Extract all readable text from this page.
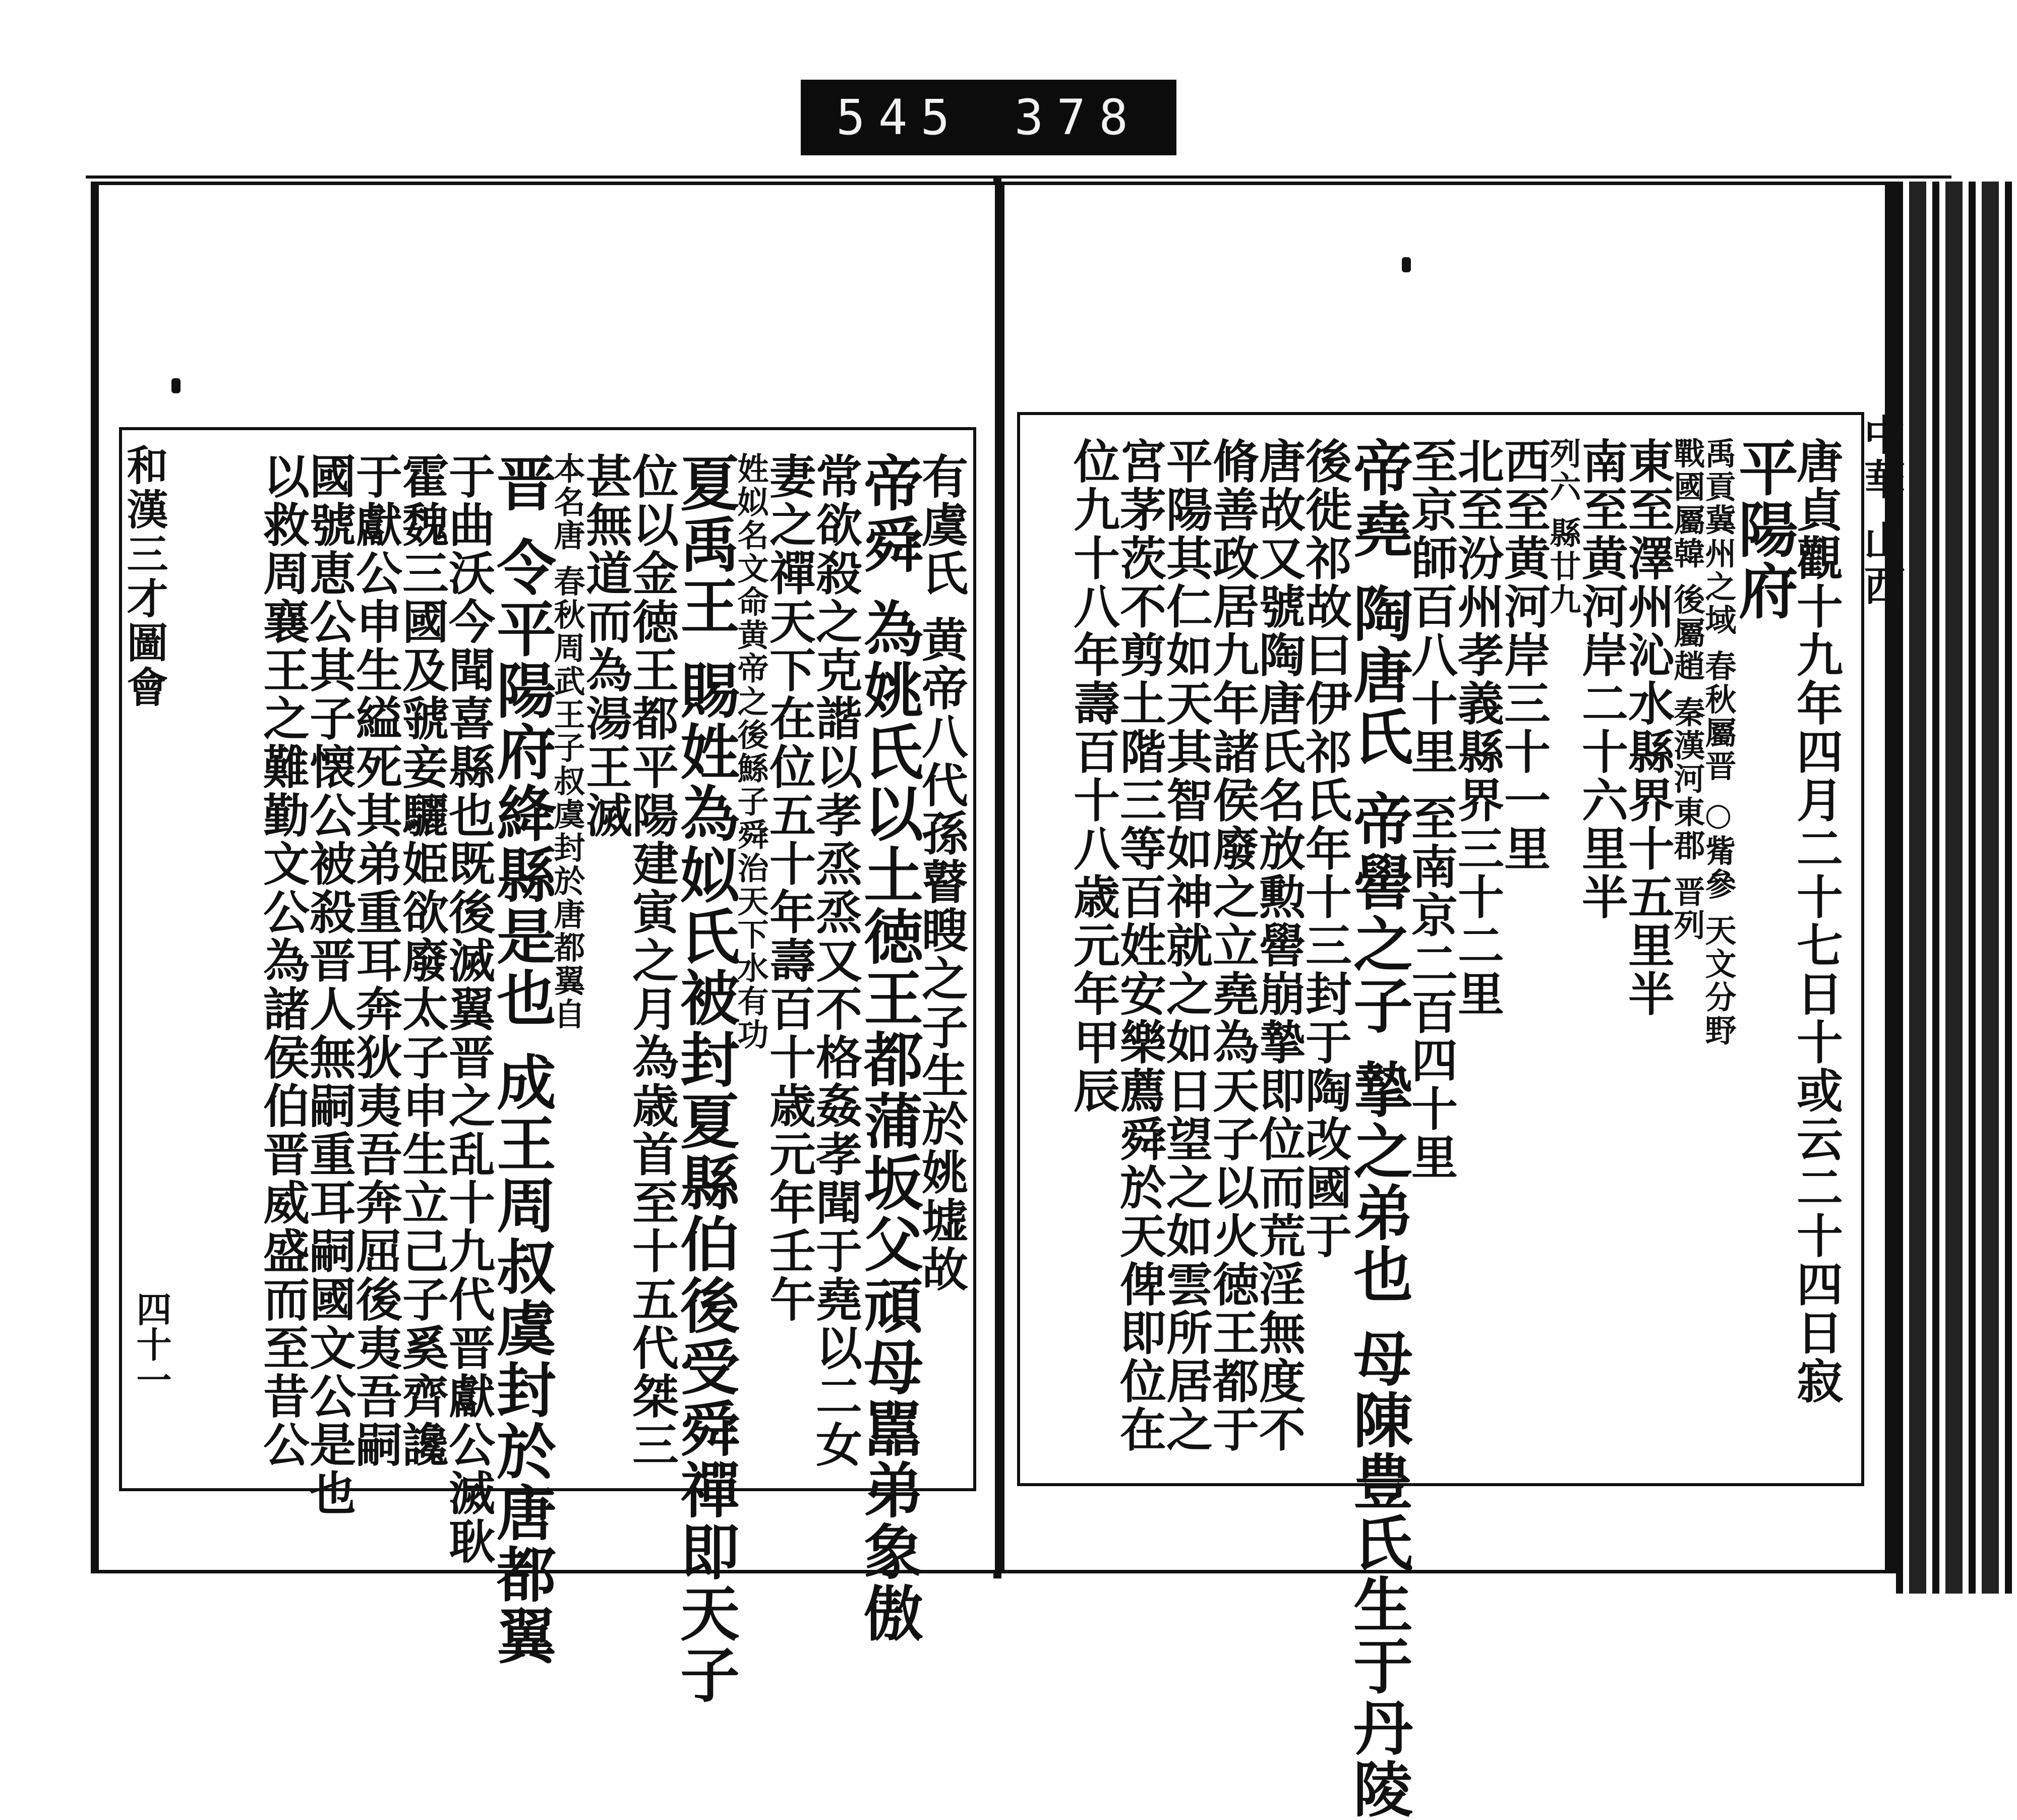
545 378
有虞氏 黄帝八代孫瞽瞍之子生於姚墟故
帝舜 為姚氏以土徳王都蒲坂父頑母嚚弟象傲
常欲殺之克諧以孝烝烝又不格姦孝聞于堯以二女
妻之禪天下在位五十年壽百十歳元年壬午
姓姒名文命黄帝之後鯀子舜治天下水有功
夏禹王 賜姓為姒氏被封夏縣伯後受舜禪即天子
位以金徳王都平陽建寅之月為歳首至十五代桀三
甚無道而為湯王滅
本名唐 春秋周武王子叔虞封於唐都翼自
晋 令平陽府絳縣是也 成王周叔虞封於唐都翼
于曲沃今聞喜縣也既後滅翼晋之乱十九代晋獻公滅耿
霍魏三國及虢妾驪姫欲廢太子申生立己子奚齊讒
于獻公申生縊死其弟重耳奔狄夷吾奔屈後夷吾嗣
國號恵公其子懐公被殺晋人無嗣重耳嗣國文公是也
以救周襄王之難勤文公為諸侯伯晋威盛而至昔公
和漢三才圖會
四十一	唐貞觀十九年四月二十七日十或云二十四日寂
平陽府
禹貢冀州之域 春秋屬晋 ○觜參 天文分野
戰國屬韓 後屬趙 秦漢河東郡 晋列
東至澤州沁水縣界十五里半
南至黄河岸二十六里半
列六 縣廿九
西至黄河岸三十一里
北至汾州孝義縣界三十二里
至京師百八十里 至南京二百四十里
帝堯 陶唐氏 帝嚳之子 摯之弟也 母陳豊氏生于丹陵
後徙祁故曰伊祁氏年十三封于陶改國于
唐故又號陶唐氏名放勲嚳崩摯即位而荒淫無度不
脩善政居九年諸侯廢之立堯為天子以火徳王都于
平陽其仁如天其智如神就之如日望之如雲所居之
宮茅茨不剪土階三等百姓安樂薦舜於天俾即位在
位九十八年壽百十八歳元年甲辰	中華 山西
